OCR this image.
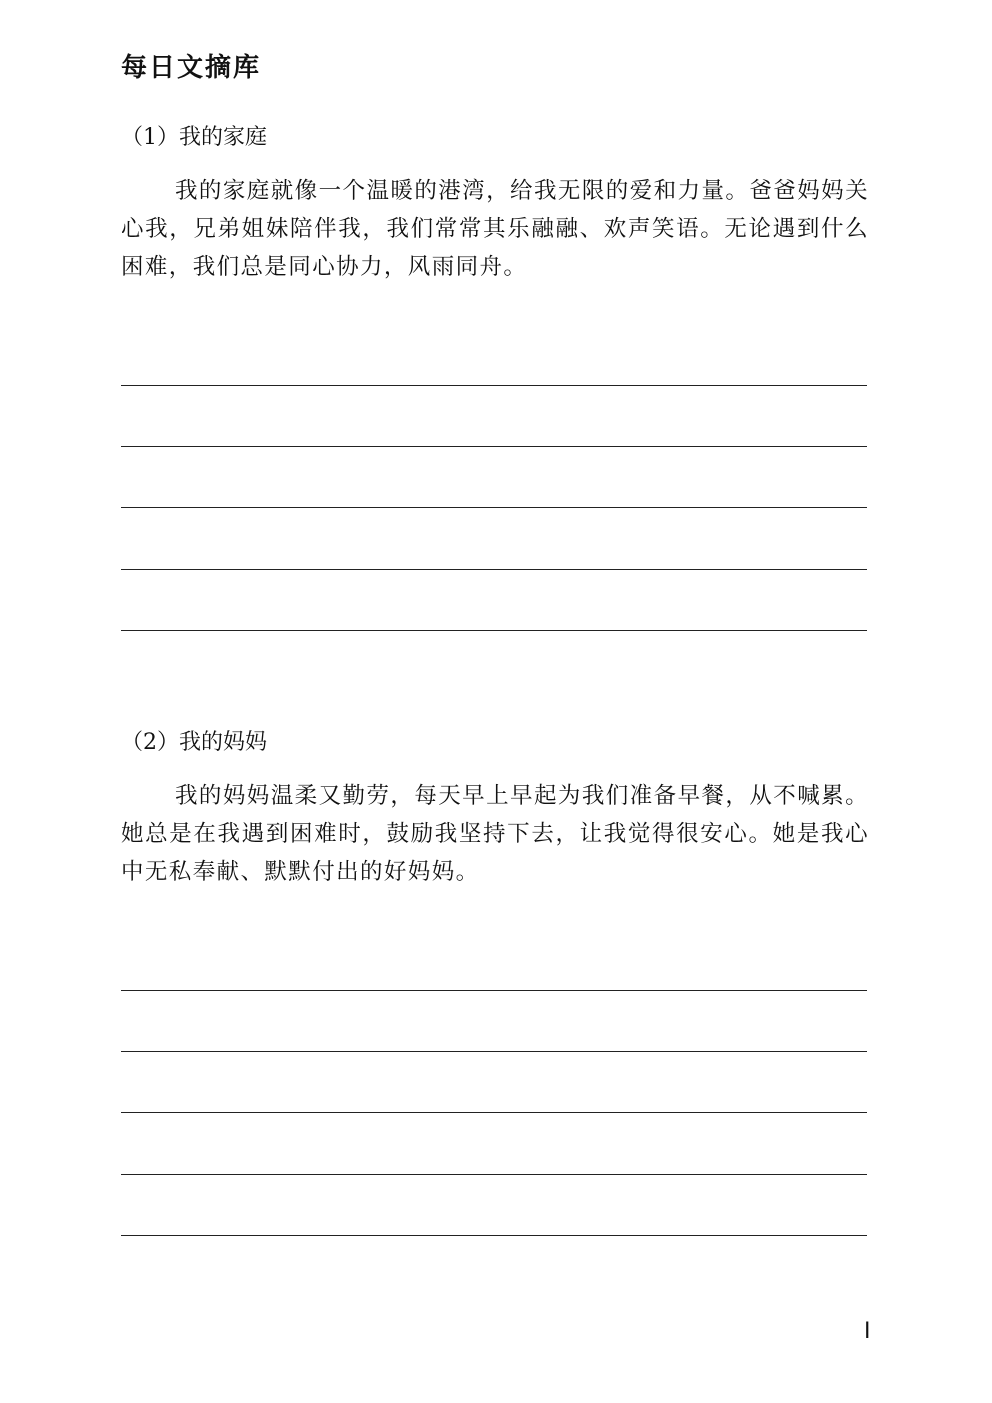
每日文摘库
（1）我的家庭

我的家庭就像一个温暖的港湾，给我无限的爱和力量。爸爸妈妈关心我，兄弟姐妹陪伴我，我们常常其乐融融、欢声笑语。无论遇到什么困难，我们总是同心协力，风雨同舟。

（2）我的妈妈

我的妈妈温柔又勤劳，每天早上早起为我们准备早餐，从不喊累。她总是在我遇到困难时，鼓励我坚持下去，让我觉得很安心。她是我心中无私奉献、默默付出的好妈妈。

I
